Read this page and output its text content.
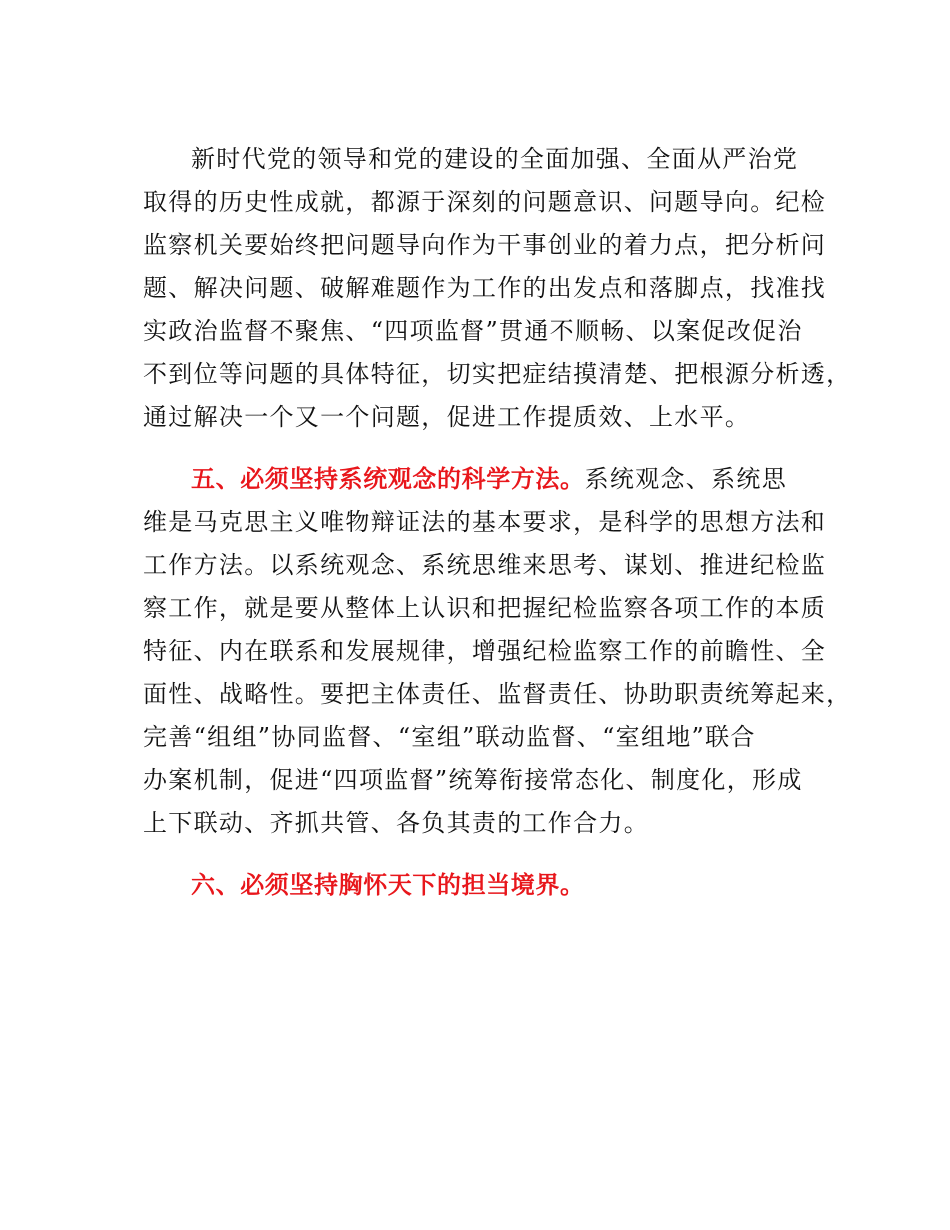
新时代党的领导和党的建设的全面加强、全面从严治党
取得的历史性成就，都源于深刻的问题意识、问题导向。纪检
监察机关要始终把问题导向作为干事创业的着力点，把分析问
题、解决问题、破解难题作为工作的出发点和落脚点，找准找
实政治监督不聚焦、“四项监督”贯通不顺畅、以案促改促治
不到位等问题的具体特征，切实把症结摸清楚、把根源分析透，
通过解决一个又一个问题，促进工作提质效、上水平。
五、必须坚持系统观念的科学方法。系统观念、系统思
维是马克思主义唯物辩证法的基本要求，是科学的思想方法和
工作方法。以系统观念、系统思维来思考、谋划、推进纪检监
察工作，就是要从整体上认识和把握纪检监察各项工作的本质
特征、内在联系和发展规律，增强纪检监察工作的前瞻性、全
面性、战略性。要把主体责任、监督责任、协助职责统筹起来，
完善“组组”协同监督、“室组”联动监督、“室组地”联合
办案机制，促进“四项监督”统筹衔接常态化、制度化，形成
上下联动、齐抓共管、各负其责的工作合力。
六、必须坚持胸怀天下的担当境界。
